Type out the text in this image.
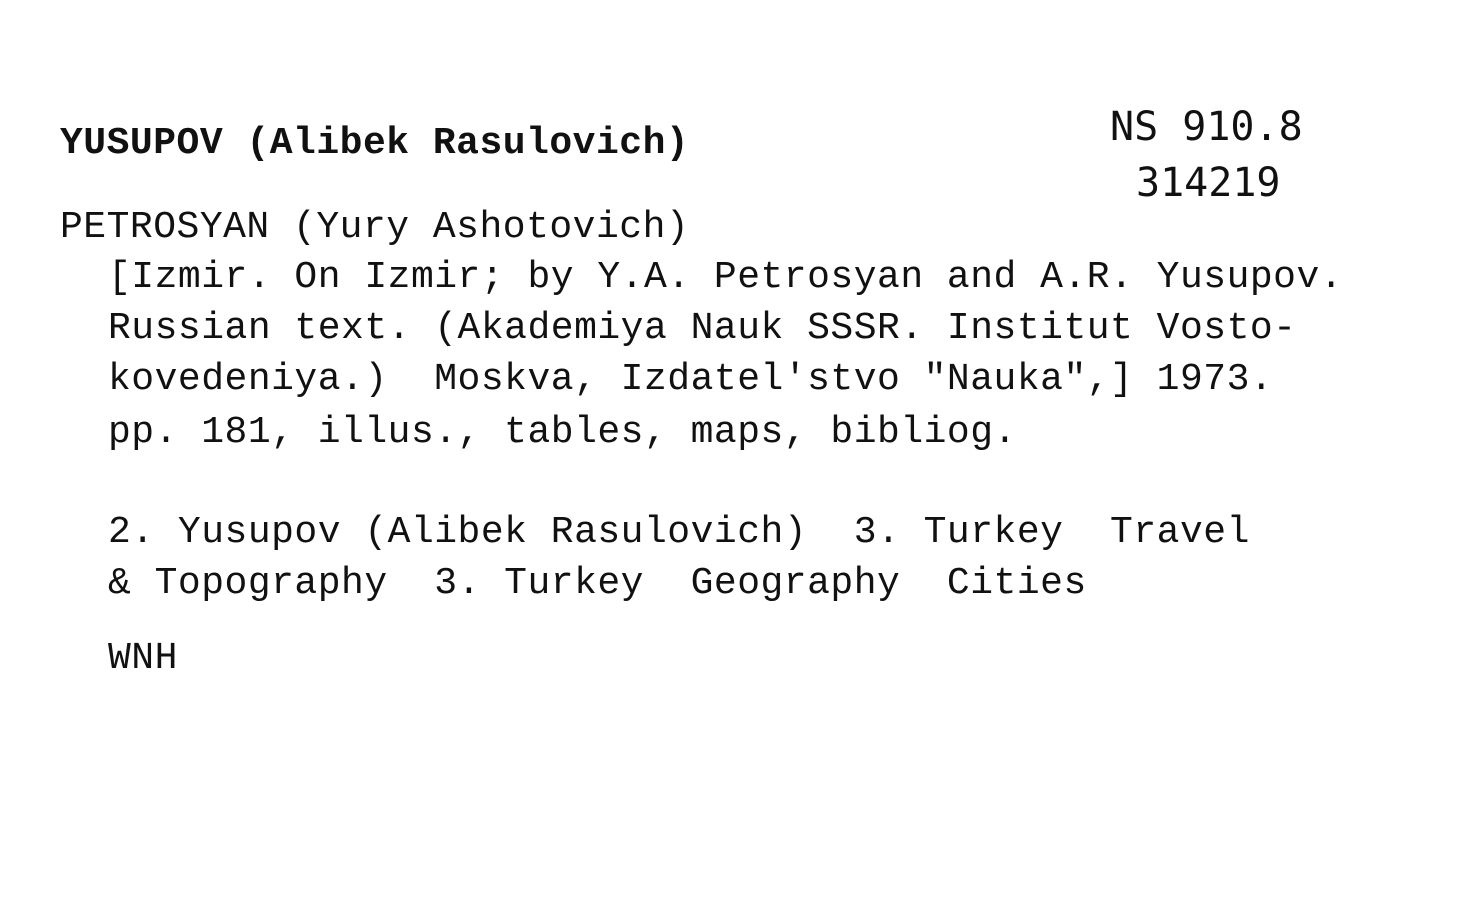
YUSUPOV (Alibek Rasulovich)	NS 910.8
314219
PETROSYAN (Yury Ashotovich)
[Izmir. On Izmir; by Y.A. Petrosyan and A.R. Yusupov.
Russian text. (Akademiya Nauk SSSR. Institut Vosto-
kovedeniya.)  Moskva, Izdatel'stvo "Nauka",] 1973.
pp. 181, illus., tables, maps, bibliog.
2. Yusupov (Alibek Rasulovich)  3. Turkey  Travel
& Topography  3. Turkey  Geography  Cities
WNH
